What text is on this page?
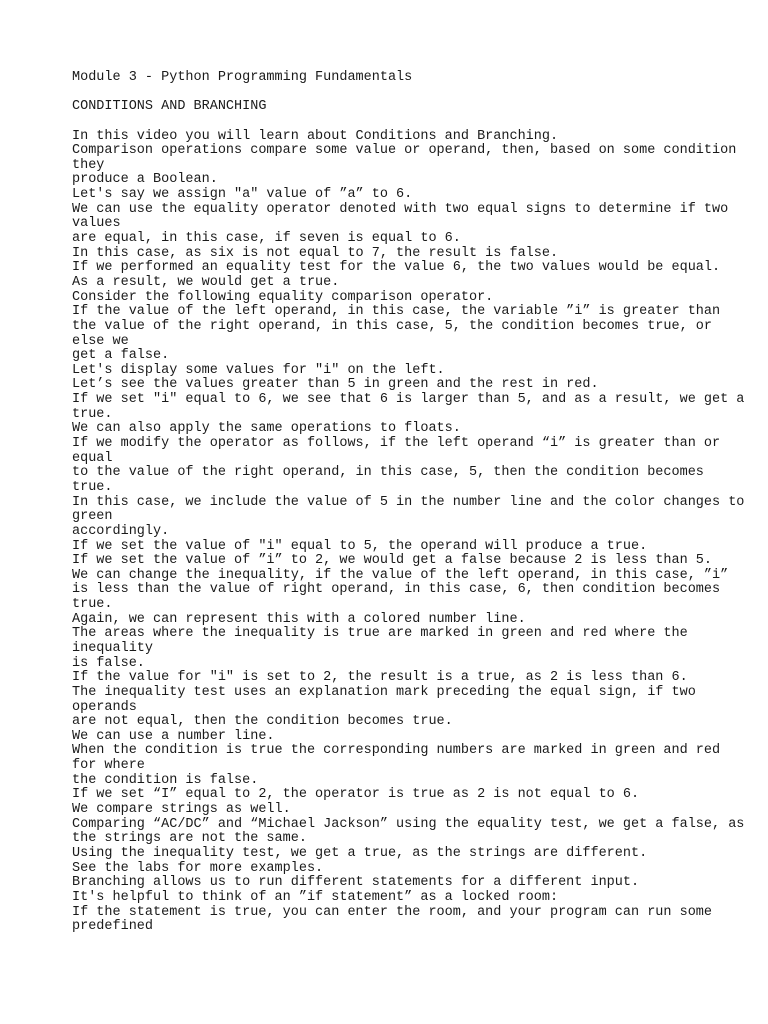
Module 3 - Python Programming Fundamentals
CONDITIONS AND BRANCHING
In this video you will learn about Conditions and Branching.
Comparison operations compare some value or operand, then, based on some condition
they
produce a Boolean.
Let's say we assign "a" value of ”a” to 6.
We can use the equality operator denoted with two equal signs to determine if two
values
are equal, in this case, if seven is equal to 6.
In this case, as six is not equal to 7, the result is false.
If we performed an equality test for the value 6, the two values would be equal.
As a result, we would get a true.
Consider the following equality comparison operator.
If the value of the left operand, in this case, the variable ”i” is greater than
the value of the right operand, in this case, 5, the condition becomes true, or
else we
get a false.
Let's display some values for "i" on the left.
Let’s see the values greater than 5 in green and the rest in red.
If we set "i" equal to 6, we see that 6 is larger than 5, and as a result, we get a
true.
We can also apply the same operations to floats.
If we modify the operator as follows, if the left operand “i” is greater than or
equal
to the value of the right operand, in this case, 5, then the condition becomes
true.
In this case, we include the value of 5 in the number line and the color changes to
green
accordingly.
If we set the value of "i" equal to 5, the operand will produce a true.
If we set the value of ”i” to 2, we would get a false because 2 is less than 5.
We can change the inequality, if the value of the left operand, in this case, ”i”
is less than the value of right operand, in this case, 6, then condition becomes
true.
Again, we can represent this with a colored number line.
The areas where the inequality is true are marked in green and red where the
inequality
is false.
If the value for "i" is set to 2, the result is a true, as 2 is less than 6.
The inequality test uses an explanation mark preceding the equal sign, if two
operands
are not equal, then the condition becomes true.
We can use a number line.
When the condition is true the corresponding numbers are marked in green and red
for where
the condition is false.
If we set “I” equal to 2, the operator is true as 2 is not equal to 6.
We compare strings as well.
Comparing “AC/DC” and “Michael Jackson” using the equality test, we get a false, as
the strings are not the same.
Using the inequality test, we get a true, as the strings are different.
See the labs for more examples.
Branching allows us to run different statements for a different input.
It's helpful to think of an ”if statement” as a locked room:
If the statement is true, you can enter the room, and your program can run some
predefined
